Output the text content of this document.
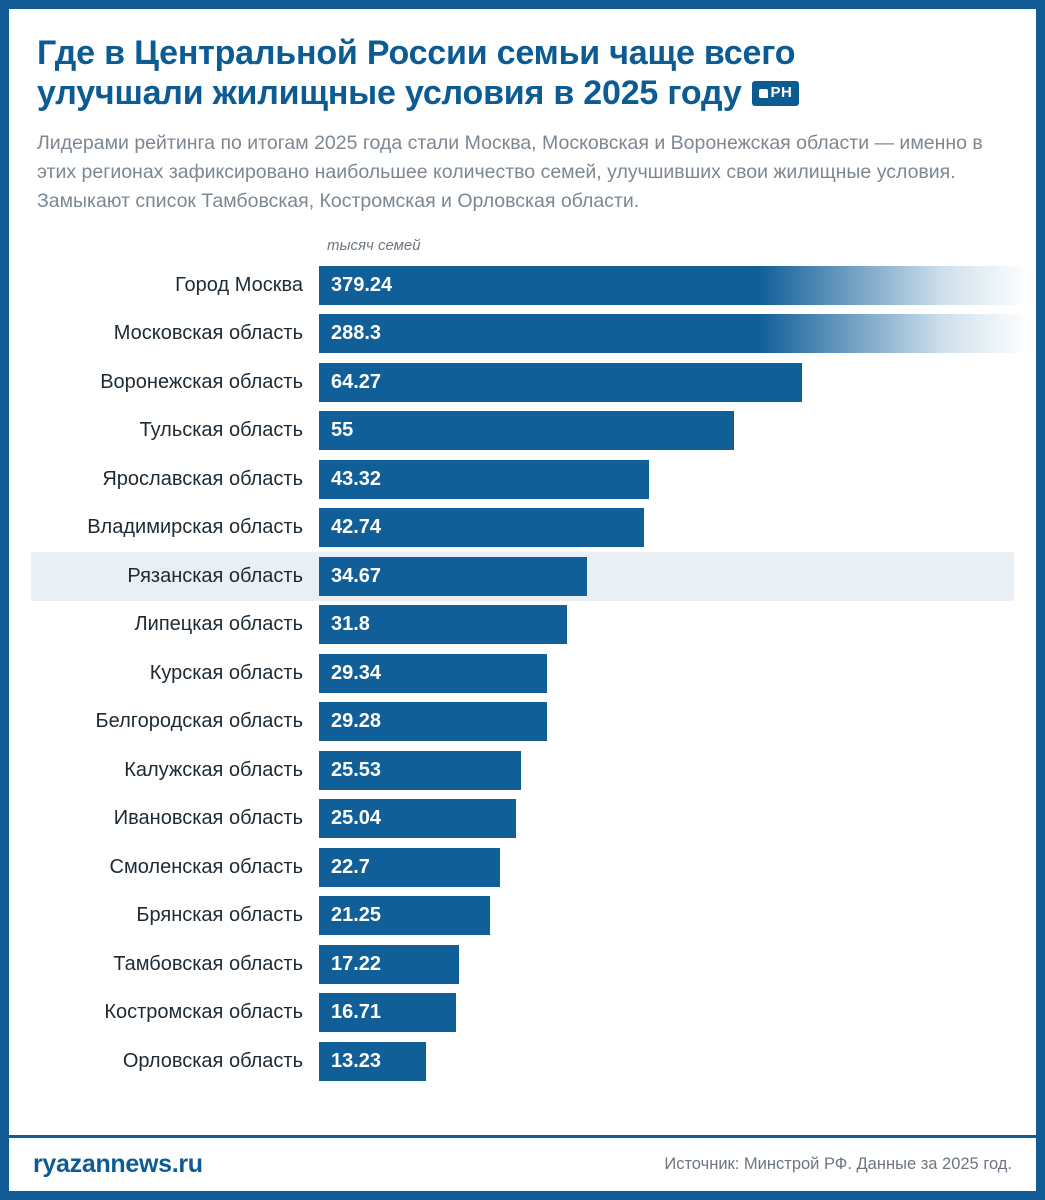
Где в Центральной России семьи чаще всего
улучшали жилищные условия в 2025 году РН

Лидерами рейтинга по итогам 2025 года стали Москва, Московская и Воронежская области — именно в этих регионах зафиксировано наибольшее количество семей, улучшивших свои жилищные условия. Замыкают список Тамбовская, Костромская и Орловская области.

тысяч семей
Город Москва	379.24
Московская область	288.3
Воронежская область	64.27
Тульская область	55
Ярославская область	43.32
Владимирская область	42.74
Рязанская область	34.67
Липецкая область	31.8
Курская область	29.34
Белгородская область	29.28
Калужская область	25.53
Ивановская область	25.04
Смоленская область	22.7
Брянская область	21.25
Тамбовская область	17.22
Костромская область	16.71
Орловская область	13.23
ryazannews.ru	Источник: Минстрой РФ. Данные за 2025 год.
